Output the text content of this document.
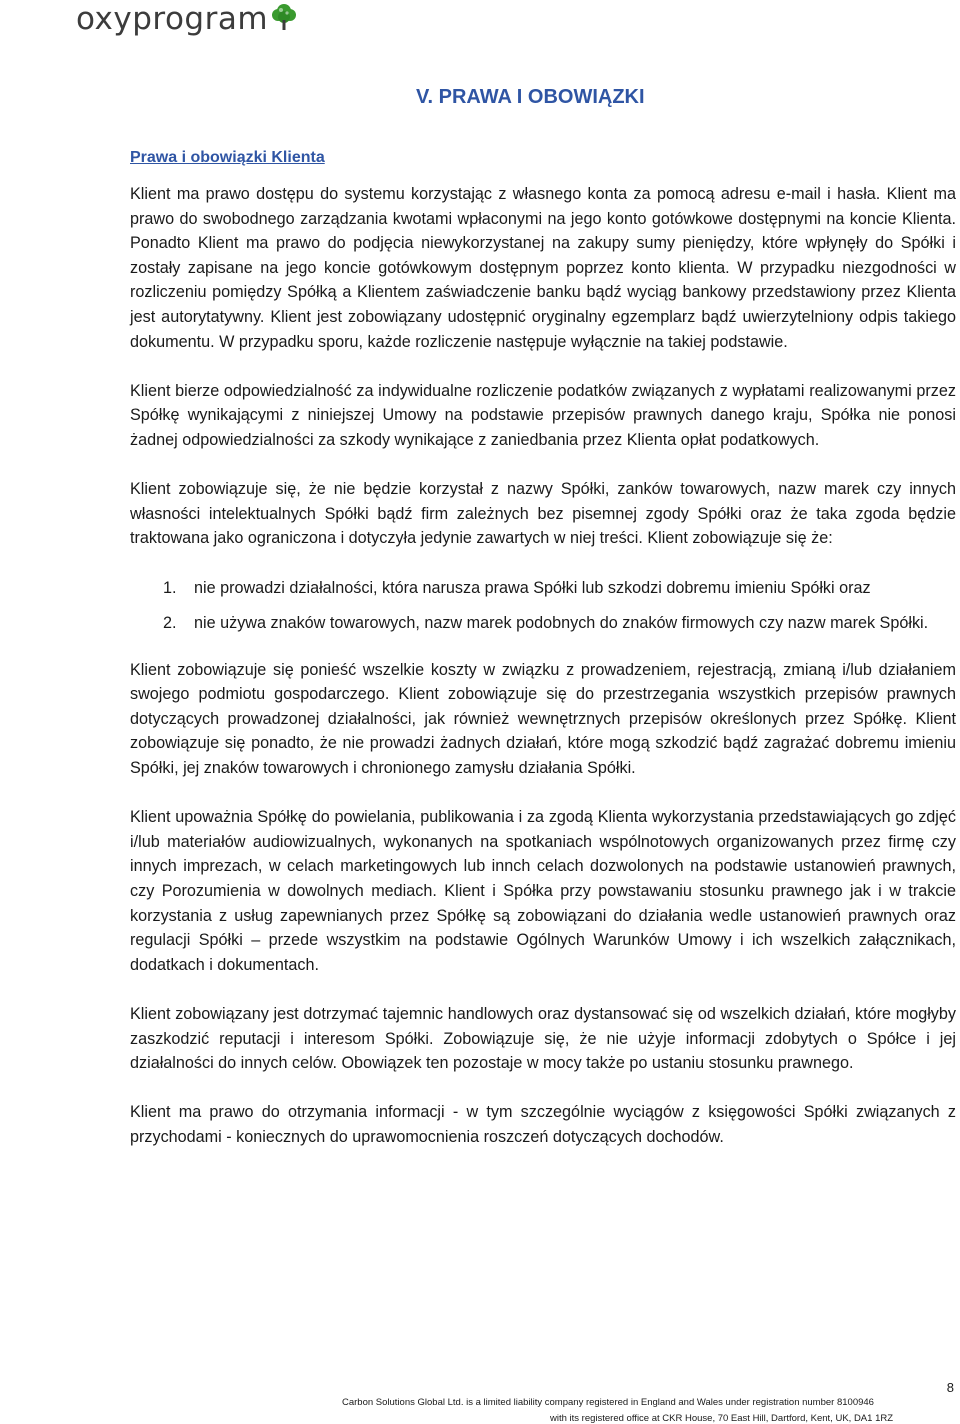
oxyprogram
V. PRAWA I OBOWIĄZKI
Prawa i obowiązki Klienta

Klient ma prawo dostępu do systemu korzystając z własnego konta za pomocą adresu e-mail i hasła. Klient ma prawo do swobodnego zarządzania kwotami wpłaconymi na jego konto gotówkowe dostępnymi na koncie Klienta. Ponadto Klient ma prawo do podjęcia niewykorzystanej na zakupy sumy pieniędzy, które wpłynęły do Spółki i zostały zapisane na jego koncie gotówkowym dostępnym poprzez konto klienta. W przypadku niezgodności w rozliczeniu pomiędzy Spółką a Klientem zaświadczenie banku bądź wyciąg bankowy przedstawiony przez Klienta jest autorytatywny. Klient jest zobowiązany udostępnić oryginalny egzemplarz bądź uwierzytelniony odpis takiego dokumentu. W przypadku sporu, każde rozliczenie następuje wyłącznie na takiej podstawie.

Klient bierze odpowiedzialność za indywidualne rozliczenie podatków związanych z wypłatami realizowanymi przez Spółkę wynikającymi z niniejszej Umowy na podstawie przepisów prawnych danego kraju, Spółka nie ponosi żadnej odpowiedzialności za szkody wynikające z zaniedbania przez Klienta opłat podatkowych.

Klient zobowiązuje się, że nie będzie korzystał z nazwy Spółki, zanków towarowych, nazw marek czy innych własności intelektualnych Spółki bądź firm zależnych bez pisemnej zgody Spółki oraz że taka zgoda będzie traktowana jako ograniczona i dotyczyła jedynie zawartych w niej treści. Klient zobowiązuje się że:

1. nie prowadzi działalności, która narusza prawa Spółki lub szkodzi dobremu imieniu Spółki oraz
2. nie używa znaków towarowych, nazw marek podobnych do znaków firmowych czy nazw marek Spółki.

Klient zobowiązuje się ponieść wszelkie koszty w związku z prowadzeniem, rejestracją, zmianą i/lub działaniem swojego podmiotu gospodarczego. Klient zobowiązuje się do przestrzegania wszystkich przepisów prawnych dotyczących prowadzonej działalności, jak również wewnętrznych przepisów określonych przez Spółkę. Klient zobowiązuje się ponadto, że nie prowadzi żadnych działań, które mogą szkodzić bądź zagrażać dobremu imieniu Spółki, jej znaków towarowych i chronionego zamysłu działania Spółki.

Klient upoważnia Spółkę do powielania, publikowania i za zgodą Klienta wykorzystania przedstawiających go zdjęć i/lub materiałów audiowizualnych, wykonanych na spotkaniach wspólnotowych organizowanych przez firmę czy innych imprezach, w celach marketingowych lub innch celach dozwolonych na podstawie ustanowień prawnych, czy Porozumienia w dowolnych mediach. Klient i Spółka przy powstawaniu stosunku prawnego jak i w trakcie korzystania z usług zapewnianych przez Spółkę są zobowiązani do działania wedle ustanowień prawnych oraz regulacji Spółki – przede wszystkim na podstawie Ogólnych Warunków Umowy i ich wszelkich załącznikach, dodatkach i dokumentach.

Klient zobowiązany jest dotrzymać tajemnic handlowych oraz dystansować się od wszelkich działań, które mogłyby zaszkodzić reputacji i interesom Spółki. Zobowiązuje się, że nie użyje informacji zdobytych o Spółce i jej działalności do innych celów. Obowiązek ten pozostaje w mocy także po ustaniu stosunku prawnego.

Klient ma prawo do otrzymania informacji - w tym szczególnie wyciągów z księgowości Spółki związanych z przychodami - koniecznych do uprawomocnienia roszczeń dotyczących dochodów.

8
Carbon Solutions Global Ltd. is a limited liability company registered in England and Wales under registration number 8100946
with its registered office at CKR House, 70 East Hill, Dartford, Kent, UK, DA1 1RZ
